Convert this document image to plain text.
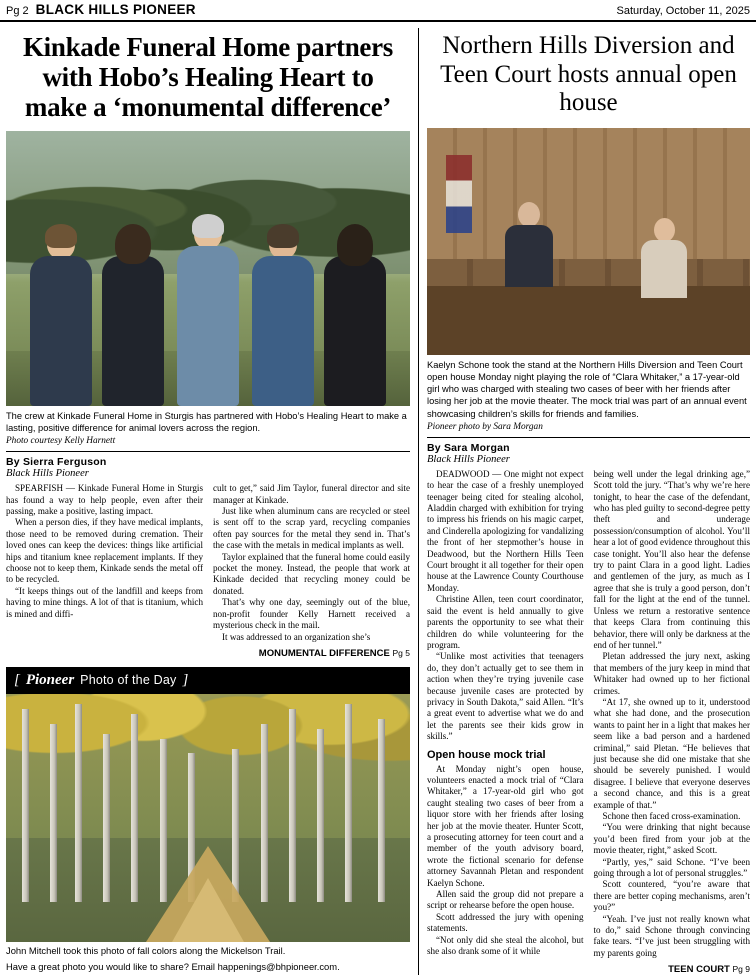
Pg 2 BLACK HILLS PIONEER	Saturday, October 11, 2025
Kinkade Funeral Home partners with Hobo’s Healing Heart to make a ‘monumental difference’
The crew at Kinkade Funeral Home in Sturgis has partnered with Hobo’s Healing Heart to make a lasting, positive difference for animal lovers across the region.
Photo courtesy Kelly Harnett
By Sierra Ferguson
Black Hills Pioneer

SPEARFISH — Kinkade Funeral Home in Sturgis has found a way to help people, even after their passing, make a positive, lasting impact.

When a person dies, if they have medical implants, those need to be removed during cremation. Their loved ones can keep the devices: things like artificial hips and titanium knee replacement implants. If they choose not to keep them, Kinkade sends the metal off to be recycled.

“It keeps things out of the landfill and keeps from having to mine things. A lot of that is titanium, which is mined and diffi-

cult to get,” said Jim Taylor, funeral director and site manager at Kinkade.

Just like when aluminum cans are recycled or steel is sent off to the scrap yard, recycling companies often pay sources for the metal they send in. That’s the case with the metals in medical implants as well.

Taylor explained that the funeral home could easily pocket the money. Instead, the people that work at Kinkade decided that recycling money could be donated.

That’s why one day, seemingly out of the blue, non-profit founder Kelly Harnett received a mysterious check in the mail.

It was addressed to an organization she’s

MONUMENTAL DIFFERENCE Pg 5
[ Pioneer Photo of the Day ]
John Mitchell took this photo of fall colors along the Mickelson Trail.
Have a great photo you would like to share? Email happenings@bhpioneer.com.
Northern Hills Diversion and Teen Court hosts annual open house
Kaelyn Schone took the stand at the Northern Hills Diversion and Teen Court open house Monday night playing the role of “Clara Whitaker,” a 17-year-old girl who was charged with stealing two cases of beer with her friends after losing her job at the movie theater. The mock trial was part of an annual event showcasing children’s skills for friends and families.
Pioneer photo by Sara Morgan
By Sara Morgan
Black Hills Pioneer

DEADWOOD — One might not expect to hear the case of a freshly unemployed teenager being cited for stealing alcohol, Aladdin charged with exhibition for trying to impress his friends on his magic carpet, and Cinderella apologizing for vandalizing the front of her stepmother’s house in Deadwood, but the Northern Hills Teen Court brought it all together for their open house at the Lawrence County Courthouse Monday.

Christine Allen, teen court coordinator, said the event is held annually to give parents the opportunity to see what their children do while volunteering for the program.

“Unlike most activities that teenagers do, they don’t actually get to see them in action when they’re trying juvenile case because juvenile cases are protected by privacy in South Dakota,” said Allen. “It’s a great event to advertise what we do and let the parents see their kids grow in skills.”

Open house mock trial

At Monday night’s open house, volunteers enacted a mock trial of “Clara Whitaker,” a 17-year-old girl who got caught stealing two cases of beer from a liquor store with her friends after losing her job at the movie theater. Hunter Scott, a prosecuting attorney for teen court and a member of the youth advisory board, wrote the fictional scenario for defense attorney Savannah Pletan and respondent Kaelyn Schone.

Allen said the group did not prepare a script or rehearse before the open house.

Scott addressed the jury with opening statements.

“Not only did she steal the alcohol, but she also drank some of it while

being well under the legal drinking age,” Scott told the jury. “That’s why we’re here tonight, to hear the case of the defendant, who has pled guilty to second-degree petty theft and underage possession/consumption of alcohol. You’ll hear a lot of good evidence throughout this case tonight. You’ll also hear the defense try to paint Clara in a good light. Ladies and gentlemen of the jury, as much as I agree that she is truly a good person, don’t fall for the light at the end of the tunnel. Unless we return a restorative sentence that keeps Clara from continuing this behavior, there will only be darkness at the end of her tunnel.”

Pletan addressed the jury next, asking that members of the jury keep in mind that Whitaker had owned up to her fictional crimes.

“At 17, she owned up to it, understood what she had done, and the prosecution wants to paint her in a light that makes her seem like a bad person and a hardened criminal,” said Pletan. “He believes that just because she did one mistake that she should be severely punished. I would disagree. I believe that everyone deserves a second chance, and this is a great example of that.”

Schone then faced cross-examination.

“You were drinking that night because you’d been fired from your job at the movie theater, right,” asked Scott.

“Partly, yes,” said Schone. “I’ve been going through a lot of personal struggles.”

Scott countered, “you’re aware that there are better coping mechanisms, aren’t you?”

“Yeah. I’ve just not really known what to do,” said Schone through convincing fake tears. “I’ve just been struggling with my parents going

TEEN COURT Pg 9
